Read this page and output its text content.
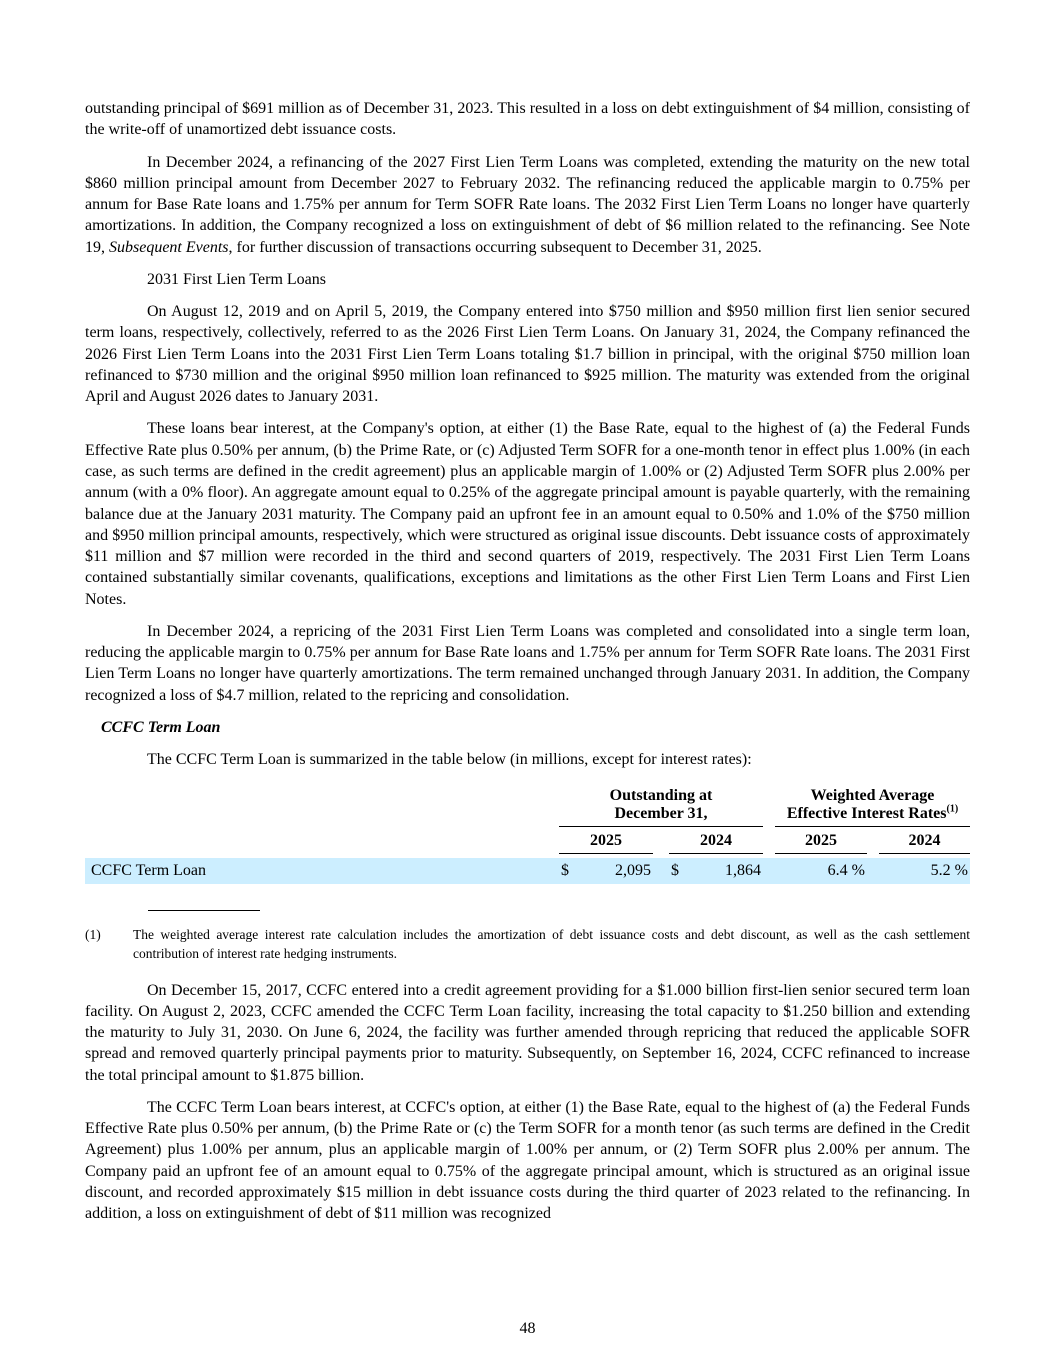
outstanding principal of $691 million as of December 31, 2023. This resulted in a loss on debt extinguishment of $4 million, consisting of the write-off of unamortized debt issuance costs.

In December 2024, a refinancing of the 2027 First Lien Term Loans was completed, extending the maturity on the new total $860 million principal amount from December 2027 to February 2032. The refinancing reduced the applicable margin to 0.75% per annum for Base Rate loans and 1.75% per annum for Term SOFR Rate loans. The 2032 First Lien Term Loans no longer have quarterly amortizations. In addition, the Company recognized a loss on extinguishment of debt of $6 million related to the refinancing. See Note 19, Subsequent Events, for further discussion of transactions occurring subsequent to December 31, 2025.

2031 First Lien Term Loans

On August 12, 2019 and on April 5, 2019, the Company entered into $750 million and $950 million first lien senior secured term loans, respectively, collectively, referred to as the 2026 First Lien Term Loans. On January 31, 2024, the Company refinanced the 2026 First Lien Term Loans into the 2031 First Lien Term Loans totaling $1.7 billion in principal, with the original $750 million loan refinanced to $730 million and the original $950 million loan refinanced to $925 million. The maturity was extended from the original April and August 2026 dates to January 2031.

These loans bear interest, at the Company's option, at either (1) the Base Rate, equal to the highest of (a) the Federal Funds Effective Rate plus 0.50% per annum, (b) the Prime Rate, or (c) Adjusted Term SOFR for a one-month tenor in effect plus 1.00% (in each case, as such terms are defined in the credit agreement) plus an applicable margin of 1.00% or (2) Adjusted Term SOFR plus 2.00% per annum (with a 0% floor). An aggregate amount equal to 0.25% of the aggregate principal amount is payable quarterly, with the remaining balance due at the January 2031 maturity. The Company paid an upfront fee in an amount equal to 0.50% and 1.0% of the $750 million and $950 million principal amounts, respectively, which were structured as original issue discounts. Debt issuance costs of approximately $11 million and $7 million were recorded in the third and second quarters of 2019, respectively. The 2031 First Lien Term Loans contained substantially similar covenants, qualifications, exceptions and limitations as the other First Lien Term Loans and First Lien Notes.

In December 2024, a repricing of the 2031 First Lien Term Loans was completed and consolidated into a single term loan, reducing the applicable margin to 0.75% per annum for Base Rate loans and 1.75% per annum for Term SOFR Rate loans. The 2031 First Lien Term Loans no longer have quarterly amortizations. The term remained unchanged through January 2031. In addition, the Company recognized a loss of $4.7 million, related to the repricing and consolidation.

CCFC Term Loan

The CCFC Term Loan is summarized in the table below (in millions, except for interest rates):

	Outstanding at
December 31,						Weighted Average
Effective Interest Rates$^{(1)}$
	2025			2024			2025		2024

CCFC Term Loan	$	2,095		$	1,864		6.4 %		5.2 %
(1)	The weighted average interest rate calculation includes the amortization of debt issuance costs and debt discount, as well as the cash settlement contribution of interest rate hedging instruments.

On December 15, 2017, CCFC entered into a credit agreement providing for a $1.000 billion first-lien senior secured term loan facility. On August 2, 2023, CCFC amended the CCFC Term Loan facility, increasing the total capacity to $1.250 billion and extending the maturity to July 31, 2030. On June 6, 2024, the facility was further amended through repricing that reduced the applicable SOFR spread and removed quarterly principal payments prior to maturity. Subsequently, on September 16, 2024, CCFC refinanced to increase the total principal amount to $1.875 billion.

The CCFC Term Loan bears interest, at CCFC's option, at either (1) the Base Rate, equal to the highest of (a) the Federal Funds Effective Rate plus 0.50% per annum, (b) the Prime Rate or (c) the Term SOFR for a month tenor (as such terms are defined in the Credit Agreement) plus 1.00% per annum, plus an applicable margin of 1.00% per annum, or (2) Term SOFR plus 2.00% per annum. The Company paid an upfront fee of an amount equal to 0.75% of the aggregate principal amount, which is structured as an original issue discount, and recorded approximately $15 million in debt issuance costs during the third quarter of 2023 related to the refinancing. In addition, a loss on extinguishment of debt of $11 million was recognized

48
